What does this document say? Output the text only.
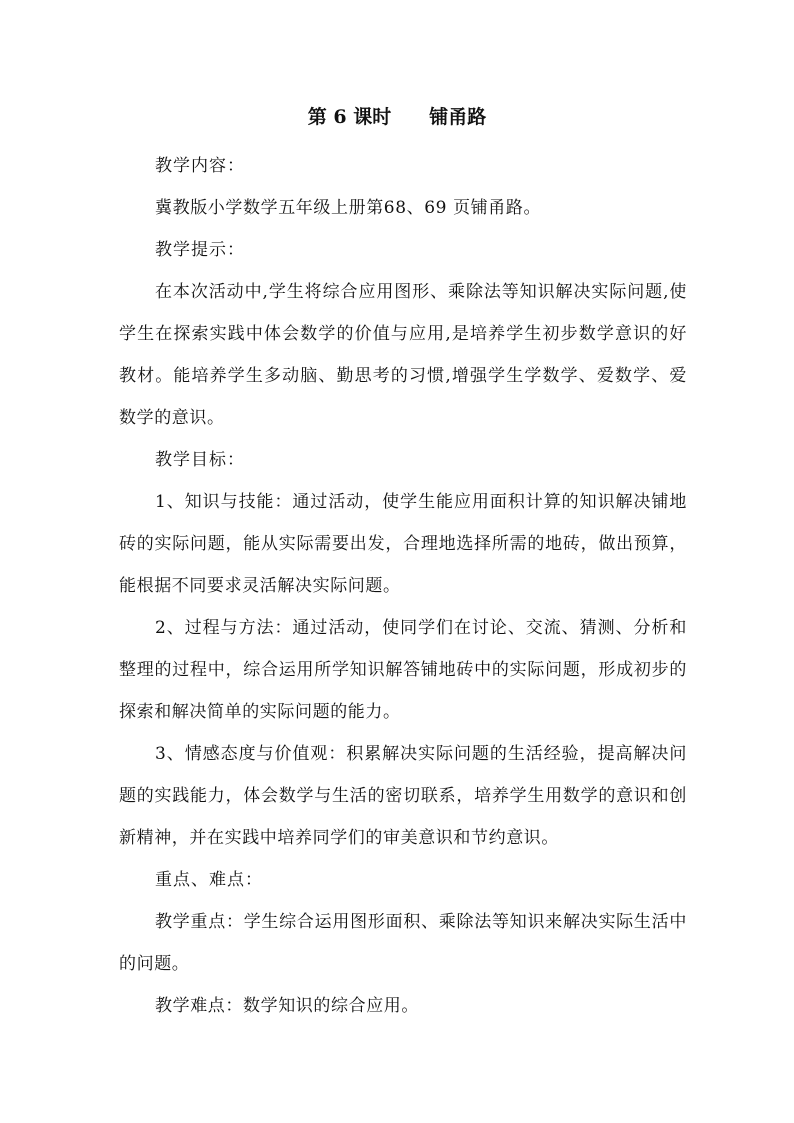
第 6 课时　　铺甬路

教学内容：

冀教版小学数学五年级上册第68、69 页铺甬路。

教学提示：

在本次活动中,学生将综合应用图形、乘除法等知识解决实际问题,使学生在探索实践中体会数学的价值与应用,是培养学生初步数学意识的好教材。能培养学生多动脑、勤思考的习惯,增强学生学数学、爱数学、爱数学的意识。

教学目标：

1、知识与技能：通过活动，使学生能应用面积计算的知识解决铺地砖的实际问题，能从实际需要出发，合理地选择所需的地砖，做出预算，能根据不同要求灵活解决实际问题。

2、过程与方法：通过活动，使同学们在讨论、交流、猜测、分析和整理的过程中，综合运用所学知识解答铺地砖中的实际问题，形成初步的探索和解决简单的实际问题的能力。

3、情感态度与价值观：积累解决实际问题的生活经验，提高解决问题的实践能力，体会数学与生活的密切联系，培养学生用数学的意识和创新精神，并在实践中培养同学们的审美意识和节约意识。

重点、难点：

教学重点：学生综合运用图形面积、乘除法等知识来解决实际生活中的问题。

教学难点：数学知识的综合应用。
